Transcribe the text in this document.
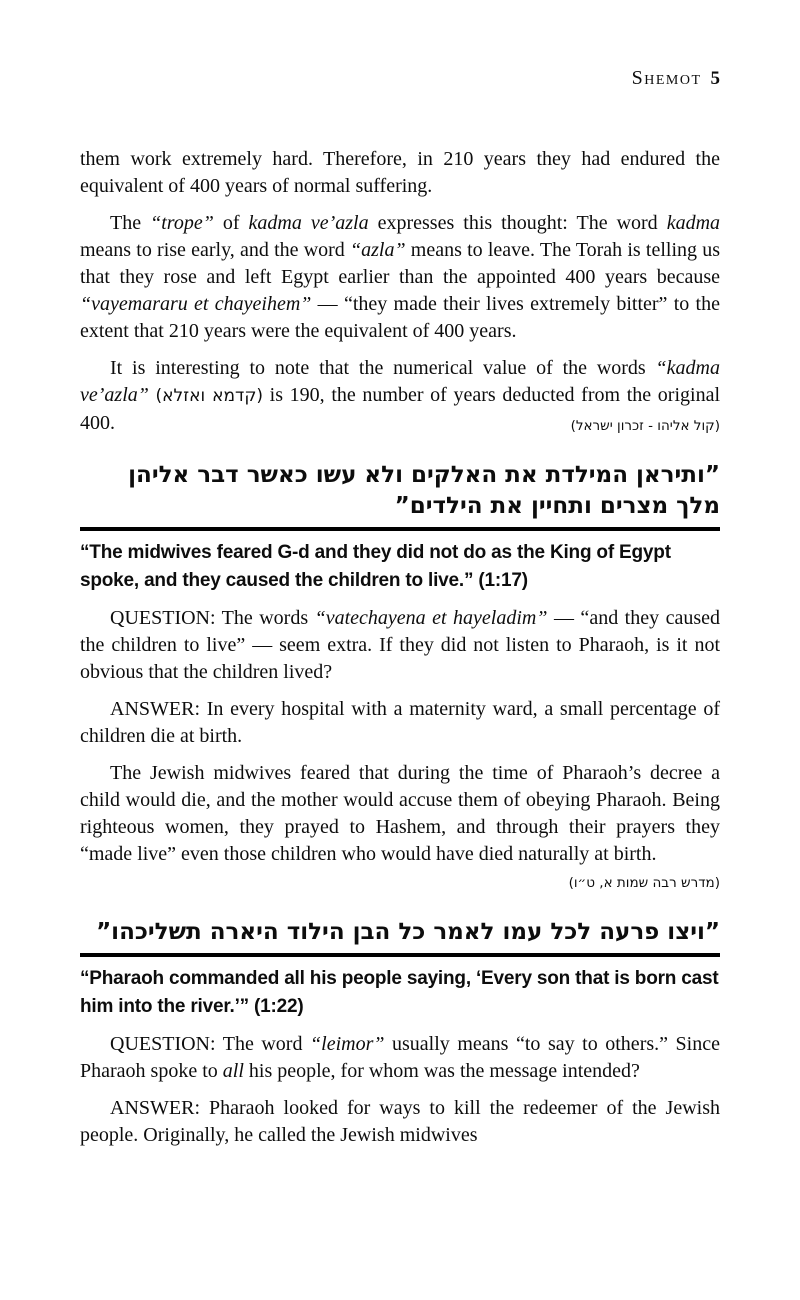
Shemot 5

them work extremely hard. Therefore, in 210 years they had endured the equivalent of 400 years of normal suffering.

The “trope” of kadma ve’azla expresses this thought: The word kadma means to rise early, and the word “azla” means to leave. The Torah is telling us that they rose and left Egypt earlier than the appointed 400 years because “vayemararu et chayeihem” — “they made their lives extremely bitter” to the extent that 210 years were the equivalent of 400 years.

It is interesting to note that the numerical value of the words “kadma ve’azla” (קדמא ואזלא) is 190, the number of years deducted from the original 400.	(קול אליהו - זכרון ישראל)
”ותיראן המילדת את האלקים ולא עשו כאשר דבר אליהן מלך מצרים ותחיין את הילדים”

“The midwives feared G-d and they did not do as the King of Egypt spoke, and they caused the children to live.” (1:17)

QUESTION: The words “vatechayena et hayeladim” — “and they caused the children to live” — seem extra. If they did not listen to Pharaoh, is it not obvious that the children lived?

ANSWER: In every hospital with a maternity ward, a small percentage of children die at birth.

The Jewish midwives feared that during the time of Pharaoh’s decree a child would die, and the mother would accuse them of obeying Pharaoh. Being righteous women, they prayed to Hashem, and through their prayers they “made live” even those children who would have died naturally at birth.

(מדרש רבה שמות א, ט״ו)
”ויצו פרעה לכל עמו לאמר כל הבן הילוד היארה תשליכהו”

“Pharaoh commanded all his people saying, ‘Every son that is born cast him into the river.’” (1:22)

QUESTION: The word “leimor” usually means “to say to others.” Since Pharaoh spoke to all his people, for whom was the message intended?

ANSWER: Pharaoh looked for ways to kill the redeemer of the Jewish people. Originally, he called the Jewish midwives
